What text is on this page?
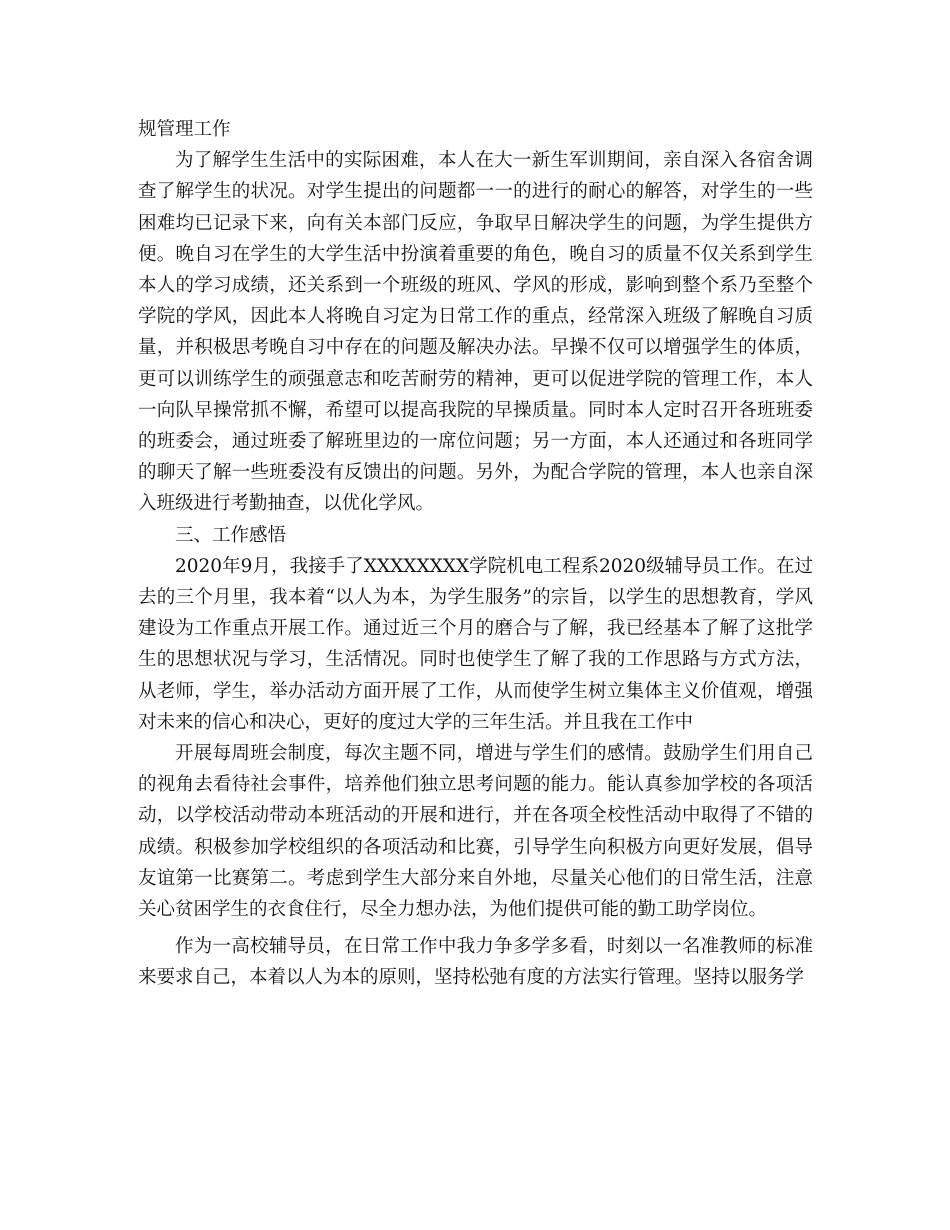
规管理工作

为了解学生生活中的实际困难，本人在大一新生军训期间，亲自深入各宿舍调查了解学生的状况。对学生提出的问题都一一的进行的耐心的解答，对学生的一些困难均已记录下来，向有关本部门反应，争取早日解决学生的问题，为学生提供方便。晚自习在学生的大学生活中扮演着重要的角色，晚自习的质量不仅关系到学生本人的学习成绩，还关系到一个班级的班风、学风的形成，影响到整个系乃至整个学院的学风，因此本人将晚自习定为日常工作的重点，经常深入班级了解晚自习质量，并积极思考晚自习中存在的问题及解决办法。早操不仅可以增强学生的体质，更可以训练学生的顽强意志和吃苦耐劳的精神，更可以促进学院的管理工作，本人一向队早操常抓不懈，希望可以提高我院的早操质量。同时本人定时召开各班班委的班委会，通过班委了解班里边的一席位问题；另一方面，本人还通过和各班同学的聊天了解一些班委没有反馈出的问题。另外，为配合学院的管理，本人也亲自深入班级进行考勤抽查，以优化学风。

三、工作感悟

2020年9月，我接手了XXXXXXXX学院机电工程系2020级辅导员工作。在过去的三个月里，我本着“以人为本，为学生服务”的宗旨，以学生的思想教育，学风建设为工作重点开展工作。通过近三个月的磨合与了解，我已经基本了解了这批学生的思想状况与学习，生活情况。同时也使学生了解了我的工作思路与方式方法，从老师，学生，举办活动方面开展了工作，从而使学生树立集体主义价值观，增强对未来的信心和决心，更好的度过大学的三年生活。并且我在工作中

开展每周班会制度，每次主题不同，增进与学生们的感情。鼓励学生们用自己的视角去看待社会事件，培养他们独立思考问题的能力。能认真参加学校的各项活动，以学校活动带动本班活动的开展和进行，并在各项全校性活动中取得了不错的成绩。积极参加学校组织的各项活动和比赛，引导学生向积极方向更好发展，倡导友谊第一比赛第二。考虑到学生大部分来自外地，尽量关心他们的日常生活，注意关心贫困学生的衣食住行，尽全力想办法，为他们提供可能的勤工助学岗位。

作为一高校辅导员，在日常工作中我力争多学多看，时刻以一名准教师的标准来要求自己，本着以人为本的原则，坚持松弛有度的方法实行管理。坚持以服务学
